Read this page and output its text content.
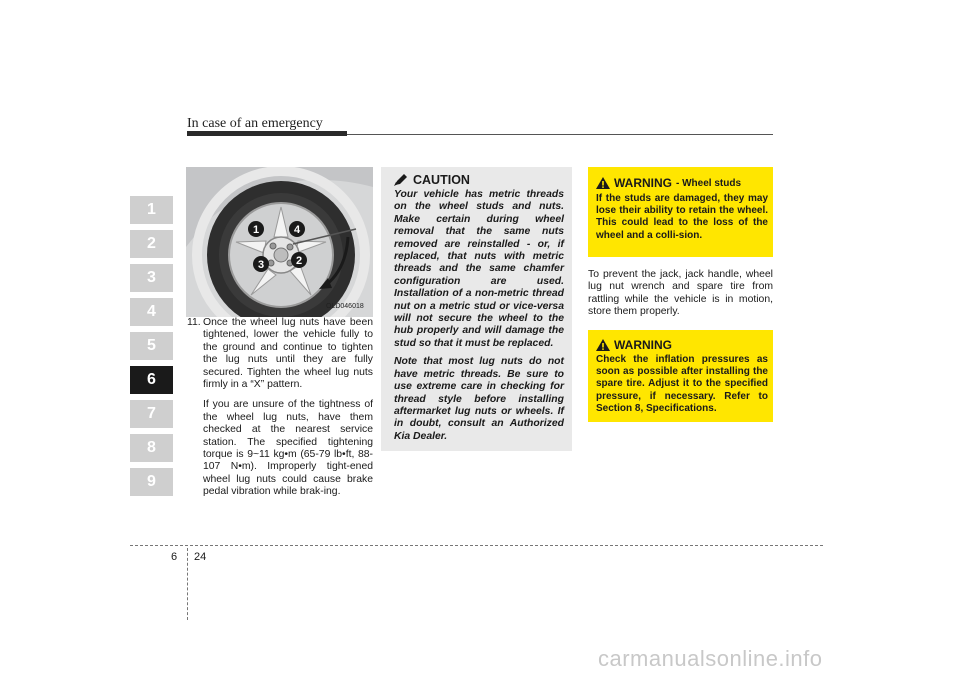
In case of an emergency
1
2
3
4
5
6
7
8
9
1
2
3
4
OLD046018
11. Once the wheel lug nuts have been tightened, lower the vehicle fully to the ground and continue to tighten the lug nuts until they are fully secured. Tighten the wheel lug nuts firmly in a “X” pattern.
If you are unsure of the tightness of the wheel lug nuts, have them checked at the nearest service station. The specified tightening torque is 9~11 kg•m (65-79 lb•ft, 88-107 N•m). Improperly tight-ened wheel lug nuts could cause brake pedal vibration while brak-ing.
CAUTION

Your vehicle has metric threads on the wheel studs and nuts. Make certain during wheel removal that the same nuts removed are reinstalled - or, if replaced, that nuts with metric threads and the same chamfer configuration are used. Installation of a non-metric thread nut on a metric stud or vice-versa will not secure the wheel to the hub properly and will damage the stud so that it must be replaced.

Note that most lug nuts do not have metric threads. Be sure to use extreme care in checking for thread style before installing aftermarket lug nuts or wheels. If in doubt, consult an Authorized Kia Dealer.

WARNING - Wheel studs
If the studs are damaged, they may lose their ability to retain the wheel. This could lead to the loss of the wheel and a colli-sion.
To prevent the jack, jack handle, wheel lug nut wrench and spare tire from rattling while the vehicle is in motion, store them properly.
WARNING
Check the inflation pressures as soon as possible after installing the spare tire. Adjust it to the specified pressure, if necessary. Refer to Section 8, Specifications.
6 24
carmanualsonline.info
